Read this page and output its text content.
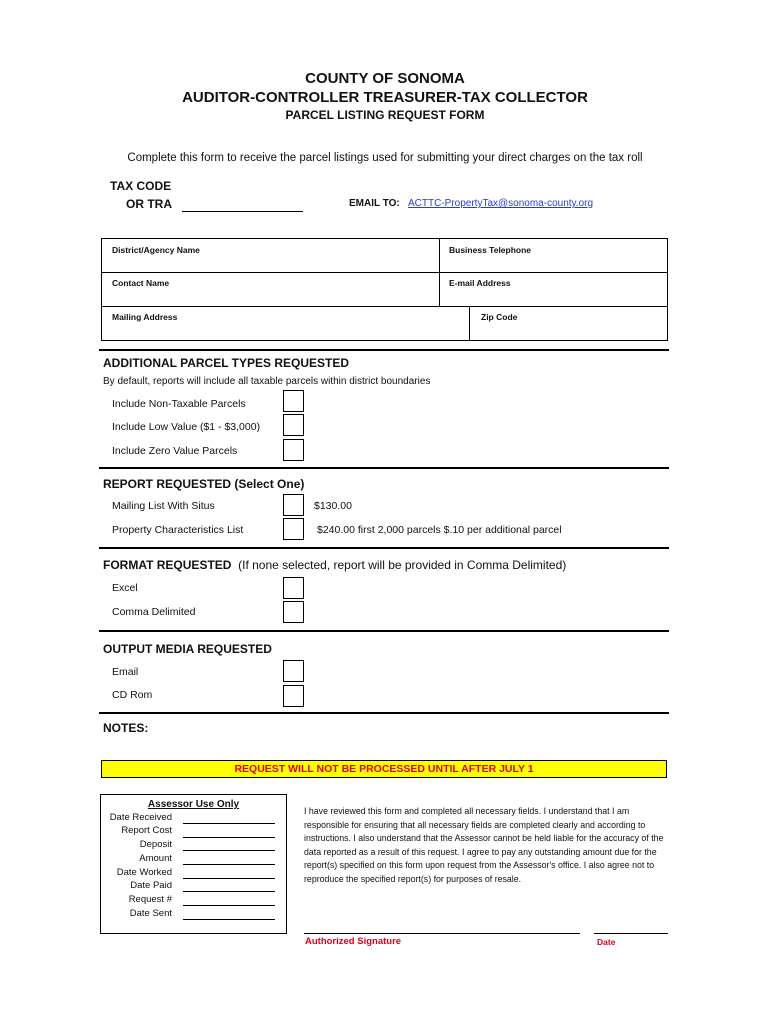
COUNTY OF SONOMA
AUDITOR-CONTROLLER TREASURER-TAX COLLECTOR
PARCEL LISTING REQUEST FORM
Complete this form to receive the parcel listings used for submitting your direct charges on the tax roll
TAX CODE
OR TRA	EMAIL TO: ACTTC-PropertyTax@sonoma-county.org
District/Agency Name	Business Telephone
Contact Name	E-mail Address
Mailing Address	Zip Code
ADDITIONAL PARCEL TYPES REQUESTED
By default, reports will include all taxable parcels within district boundaries
Include Non-Taxable Parcels
Include Low Value ($1 - $3,000)
Include Zero Value Parcels
REPORT REQUESTED (Select One)
Mailing List With Situs	$130.00
Property Characteristics List	$240.00 first 2,000 parcels $.10 per additional parcel
FORMAT REQUESTED (If none selected, report will be provided in Comma Delimited)
Excel
Comma Delimited
OUTPUT MEDIA REQUESTED
Email
CD Rom
NOTES:
REQUEST WILL NOT BE PROCESSED UNTIL AFTER JULY 1
Assessor Use Only
Date Received
Report Cost
Deposit
Amount
Date Worked
Date Paid
Request #
Date Sent
I have reviewed this form and completed all necessary fields. I understand that I am responsible for ensuring that all necessary fields are completed clearly and according to instructions. I also understand that the Assessor cannot be held liable for the accuracy of the data reported as a result of this request. I agree to pay any outstanding amount due for the report(s) specified on this form upon request from the Assessor's office. I also agree not to reproduce the specified report(s) for purposes of resale.
Authorized Signature	Date
